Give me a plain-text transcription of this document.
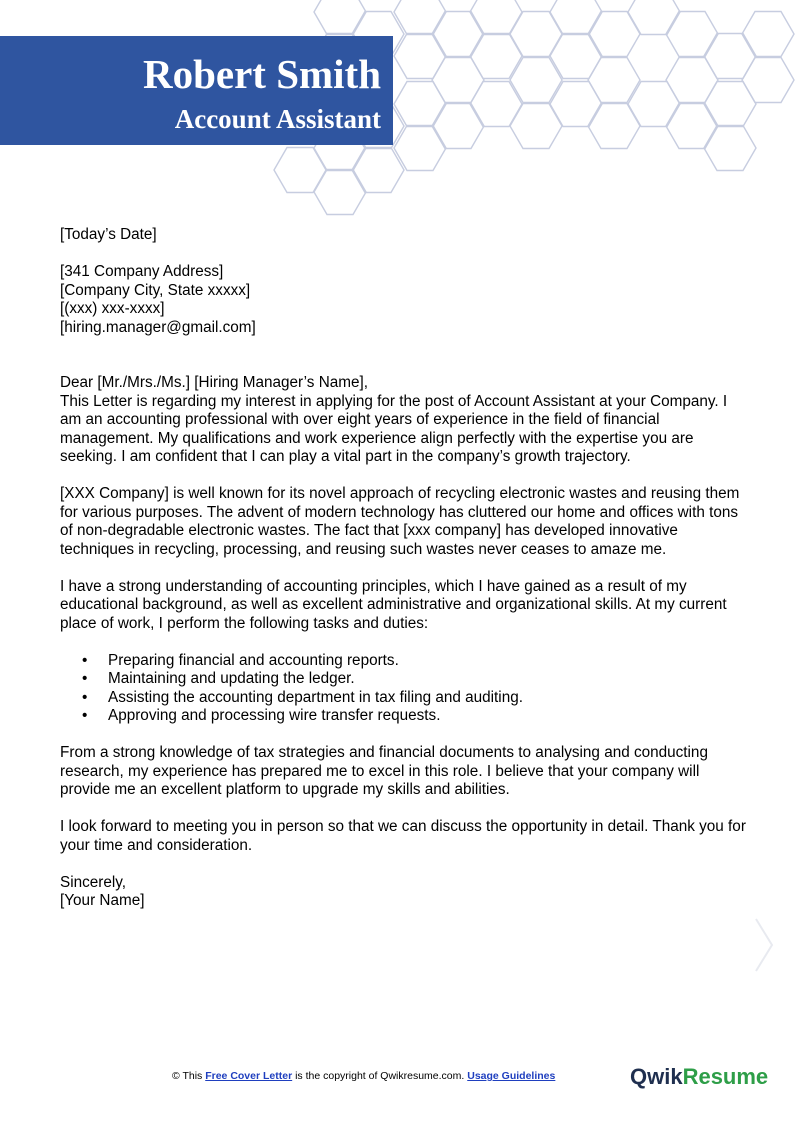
Robert Smith
Account Assistant

[Today’s Date]

[341 Company Address]

[Company City, State xxxxx]

[(xxx) xxx-xxxx]

[hiring.manager@gmail.com]

Dear [Mr./Mrs./Ms.] [Hiring Manager’s Name],

This Letter is regarding my interest in applying for the post of Account Assistant at your Company. I am an accounting professional with over eight years of experience in the field of financial management. My qualifications and work experience align perfectly with the expertise you are seeking. I am confident that I can play a vital part in the company’s growth trajectory.

[XXX Company] is well known for its novel approach of recycling electronic wastes and reusing them for various purposes. The advent of modern technology has cluttered our home and offices with tons of non-degradable electronic wastes. The fact that [xxx company] has developed innovative techniques in recycling, processing, and reusing such wastes never ceases to amaze me.

I have a strong understanding of accounting principles, which I have gained as a result of my educational background, as well as excellent administrative and organizational skills. At my current place of work, I perform the following tasks and duties:

• Preparing financial and accounting reports.
• Maintaining and updating the ledger.
• Assisting the accounting department in tax filing and auditing.
• Approving and processing wire transfer requests.

From a strong knowledge of tax strategies and financial documents to analysing and conducting research, my experience has prepared me to excel in this role. I believe that your company will provide me an excellent platform to upgrade my skills and abilities.

I look forward to meeting you in person so that we can discuss the opportunity in detail. Thank you for your time and consideration.

Sincerely,

[Your Name]

© This Free Cover Letter is the copyright of Qwikresume.com. Usage Guidelines	QwikResume
